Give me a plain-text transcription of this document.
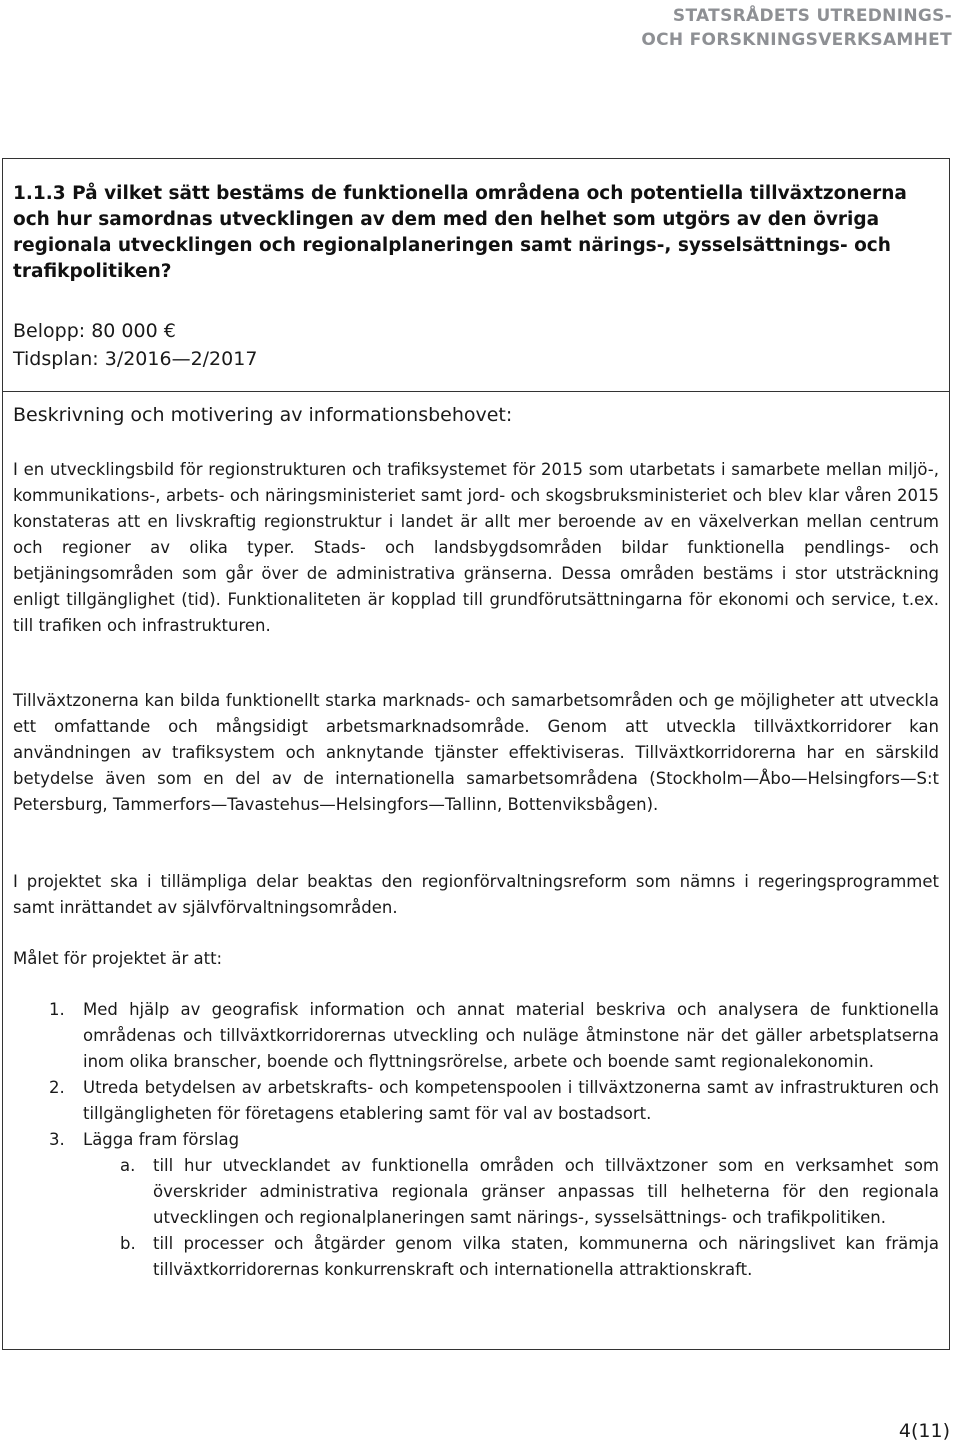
STATSRÅDETS UTREDNINGS-
OCH FORSKNINGSVERKSAMHET
1.1.3 På vilket sätt bestäms de funktionella områdena och potentiella tillväxtzonerna och hur samordnas utvecklingen av dem med den helhet som utgörs av den övriga regionala utvecklingen och regionalplaneringen samt närings-, sysselsättnings- och trafikpolitiken?
Belopp: 80 000 €
Tidsplan: 3/2016—2/2017
Beskrivning och motivering av informationsbehovet:
I en utvecklingsbild för regionstrukturen och trafiksystemet för 2015 som utarbetats i samarbete mellan miljö-, kommunikations-, arbets- och näringsministeriet samt jord- och skogsbruksministeriet och blev klar våren 2015 konstateras att en livskraftig regionstruktur i landet är allt mer beroende av en växelverkan mellan centrum och regioner av olika typer. Stads- och landsbygdsområden bildar funktionella pendlings- och betjäningsområden som går över de administrativa gränserna. Dessa områden bestäms i stor utsträckning enligt tillgänglighet (tid). Funktionaliteten är kopplad till grundförutsättningarna för ekonomi och service, t.ex. till trafiken och infrastrukturen.
Tillväxtzonerna kan bilda funktionellt starka marknads- och samarbetsområden och ge möjligheter att utveckla ett omfattande och mångsidigt arbetsmarknadsområde. Genom att utveckla tillväxtkorridorer kan användningen av trafiksystem och anknytande tjänster effektiviseras. Tillväxtkorridorerna har en särskild betydelse även som en del av de internationella samarbetsområdena (Stockholm—Åbo—Helsingfors—S:t Petersburg, Tammerfors—Tavastehus—Helsingfors—Tallinn, Bottenviksbågen).
I projektet ska i tillämpliga delar beaktas den regionförvaltningsreform som nämns i regeringsprogrammet samt inrättandet av självförvaltningsområden.
Målet för projektet är att:
1. Med hjälp av geografisk information och annat material beskriva och analysera de funktionella områdenas och tillväxtkorridorernas utveckling och nuläge åtminstone när det gäller arbetsplatserna inom olika branscher, boende och flyttningsrörelse, arbete och boende samt regionalekonomin.
2. Utreda betydelsen av arbetskrafts- och kompetenspoolen i tillväxtzonerna samt av infrastrukturen och tillgängligheten för företagens etablering samt för val av bostadsort.
3. Lägga fram förslag
a. till hur utvecklandet av funktionella områden och tillväxtzoner som en verksamhet som överskrider administrativa regionala gränser anpassas till helheterna för den regionala utvecklingen och regionalplaneringen samt närings-, sysselsättnings- och trafikpolitiken.
b. till processer och åtgärder genom vilka staten, kommunerna och näringslivet kan främja tillväxtkorridorernas konkurrenskraft och internationella attraktionskraft.
4(11)
